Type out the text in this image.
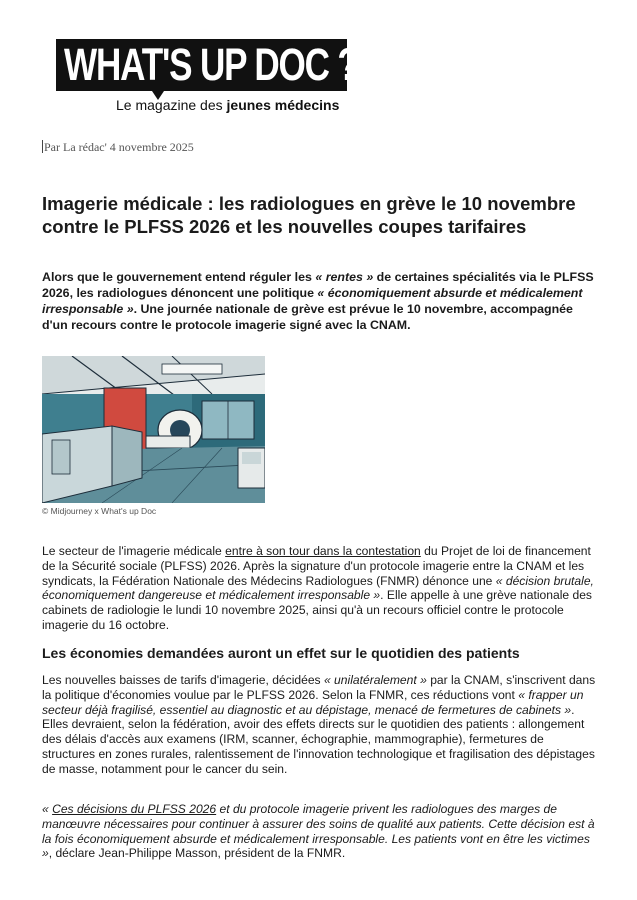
WHAT'S UP DOC ?
Le magazine des jeunes médecins
Par La rédac' 4 novembre 2025
Imagerie médicale : les radiologues en grève le 10 novembre contre le PLFSS 2026 et les nouvelles coupes tarifaires

Alors que le gouvernement entend réguler les « rentes » de certaines spécialités via le PLFSS 2026, les radiologues dénoncent une politique « économiquement absurde et médicalement irresponsable ». Une journée nationale de grève est prévue le 10 novembre, accompagnée d'un recours contre le protocole imagerie signé avec la CNAM.

© Midjourney x What's up Doc

Le secteur de l'imagerie médicale entre à son tour dans la contestation du Projet de loi de financement de la Sécurité sociale (PLFSS) 2026. Après la signature d'un protocole imagerie entre la CNAM et les syndicats, la Fédération Nationale des Médecins Radiologues (FNMR) dénonce une « décision brutale, économiquement dangereuse et médicalement irresponsable ». Elle appelle à une grève nationale des cabinets de radiologie le lundi 10 novembre 2025, ainsi qu'à un recours officiel contre le protocole imagerie du 16 octobre.

Les économies demandées auront un effet sur le quotidien des patients

Les nouvelles baisses de tarifs d'imagerie, décidées « unilatéralement » par la CNAM, s'inscrivent dans la politique d'économies voulue par le PLFSS 2026. Selon la FNMR, ces réductions vont « frapper un secteur déjà fragilisé, essentiel au diagnostic et au dépistage, menacé de fermetures de cabinets ». Elles devraient, selon la fédération, avoir des effets directs sur le quotidien des patients : allongement des délais d'accès aux examens (IRM, scanner, échographie, mammographie), fermetures de structures en zones rurales, ralentissement de l'innovation technologique et fragilisation des dépistages de masse, notamment pour le cancer du sein.

« Ces décisions du PLFSS 2026 et du protocole imagerie privent les radiologues des marges de manœuvre nécessaires pour continuer à assurer des soins de qualité aux patients. Cette décision est à la fois économiquement absurde et médicalement irresponsable. Les patients vont en être les victimes », déclare Jean-Philippe Masson, président de la FNMR.
